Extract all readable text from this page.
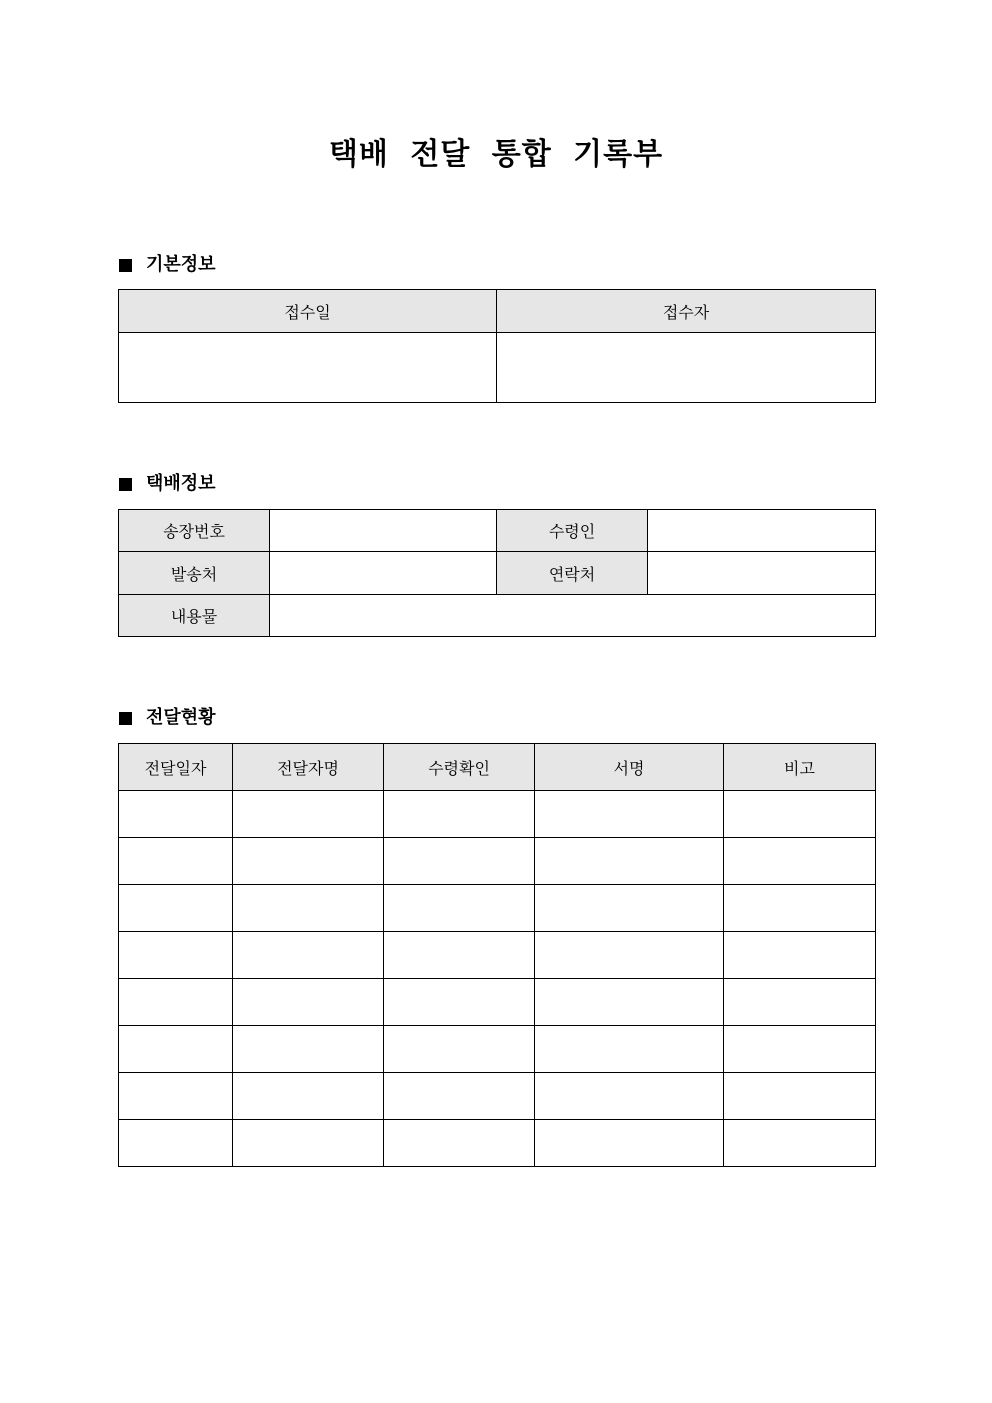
택배 전달 통합 기록부
기본정보
접수일	접수자

택배정보
송장번호		수령인	
발송처		연락처	
내용물			
전달현황
전달일자	전달자명	수령확인	서명	비고
